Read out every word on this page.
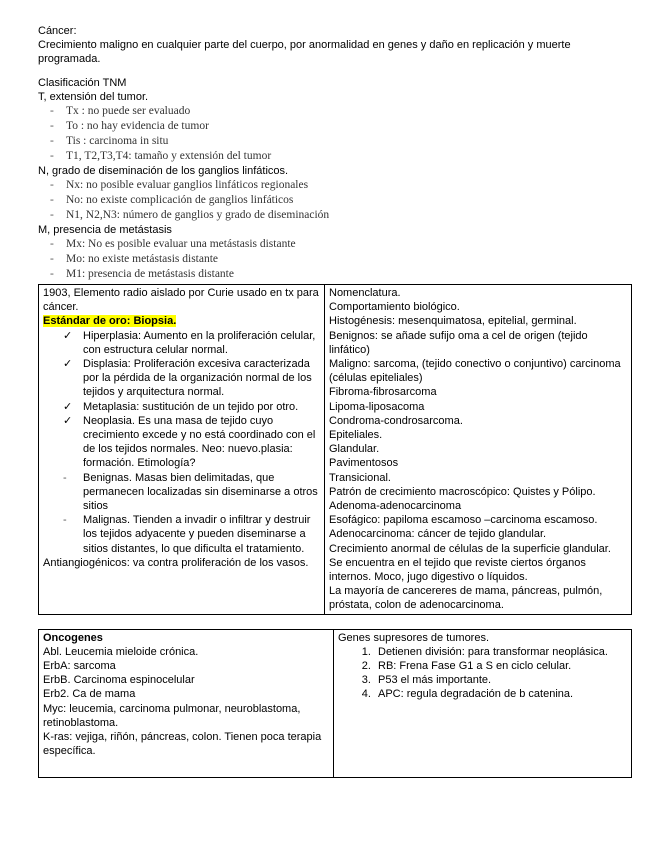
Cáncer:

Crecimiento maligno en cualquier parte del cuerpo, por anormalidad en genes y daño en replicación y muerte programada.

Clasificación TNM

T, extensión del tumor.

- Tx : no puede ser evaluado
- To : no hay evidencia de tumor
- Tis : carcinoma in situ
- T1, T2,T3,T4: tamaño y extensión del tumor

N, grado de diseminación de los ganglios linfáticos.

- Nx: no posible evaluar ganglios linfáticos regionales
- No: no existe complicación de ganglios linfáticos
- N1, N2,N3: número de ganglios y grado de diseminación

M, presencia de metástasis

- Mx: No es posible evaluar una metástasis distante
- Mo: no existe metástasis distante
- M1: presencia de metástasis distante
1903, Elemento radio aislado por Curie usado en tx para cáncer.
Estándar de oro: Biopsia.
✓ Hiperplasia: Aumento en la proliferación celular, con estructura celular normal.
✓ Displasia: Proliferación excesiva caracterizada por la pérdida de la organización normal de los tejidos y arquitectura normal.
✓ Metaplasia: sustitución de un tejido por otro.
✓ Neoplasia. Es una masa de tejido cuyo crecimiento excede y no está coordinado con el de los tejidos normales. Neo: nuevo.plasia: formación. Etimología?
- Benignas. Masas bien delimitadas, que permanecen localizadas sin diseminarse a otros sitios
- Malignas. Tienden a invadir o infiltrar y destruir los tejidos adyacente y pueden diseminarse a sitios distantes, lo que dificulta el tratamiento.
Antiangiogénicos: va contra proliferación de los vasos.

Nomenclatura.
Comportamiento biológico.
Histogénesis: mesenquimatosa, epitelial, germinal.
Benignos: se añade sufijo oma a cel de origen (tejido linfático)
Maligno: sarcoma, (tejido conectivo o conjuntivo) carcinoma (células epiteliales)
Fibroma-fibrosarcoma
Lipoma-liposacoma
Condroma-condrosarcoma.
Epiteliales.
Glandular.
Pavimentosos
Transicional.
Patrón de crecimiento macroscópico: Quistes y Pólipo.
Adenoma-adenocarcinoma
Esofágico: papiloma escamoso –carcinoma escamoso.
Adenocarcinoma: cáncer de tejido glandular.
Crecimiento anormal de células de la superficie glandular. Se encuentra en el tejido que reviste ciertos órganos internos. Moco, jugo digestivo o líquidos.
La mayoría de cancereres de mama, páncreas, pulmón, próstata, colon de adenocarcinoma.
Oncogenes
Abl. Leucemia mieloide crónica.
ErbA: sarcoma
ErbB. Carcinoma espinocelular
Erb2. Ca de mama
Myc: leucemia, carcinoma pulmonar, neuroblastoma, retinoblastoma.
K-ras: vejiga, riñón, páncreas, colon. Tienen poca terapia específica.

Genes supresores de tumores.
1. Detienen división: para transformar neoplásica.
2. RB: Frena Fase G1 a S en ciclo celular.
3. P53 el más importante.
4. APC: regula degradación de b catenina.
